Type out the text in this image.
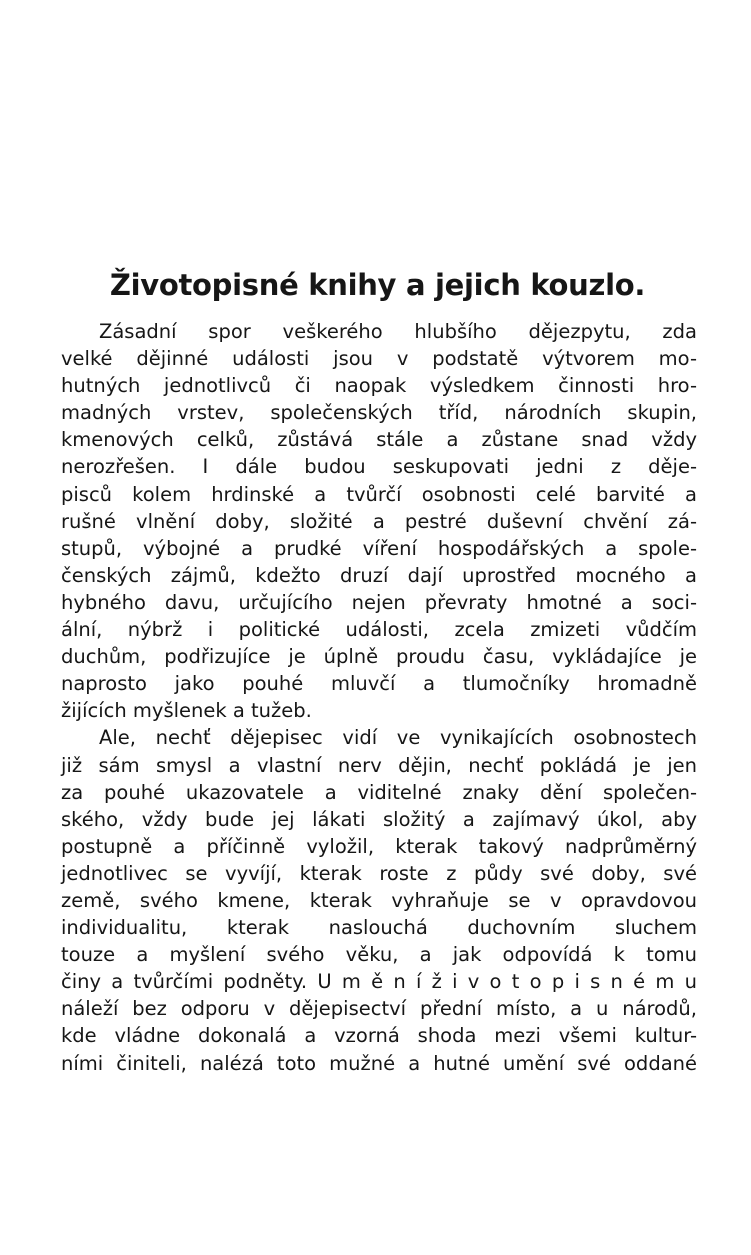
Životopisné knihy a jejich kouzlo.
Zásadní spor veškerého hlubšího dějezpytu, zda
velké dějinné události jsou v podstatě výtvorem mo-
hutných jednotlivců či naopak výsledkem činnosti hro-
madných vrstev, společenských tříd, národních skupin,
kmenových celků, zůstává stále a zůstane snad vždy
nerozřešen. I dále budou seskupovati jedni z děje-
pisců kolem hrdinské a tvůrčí osobnosti celé barvité a
rušné vlnění doby, složité a pestré duševní chvění zá-
stupů, výbojné a prudké víření hospodářských a spole-
čenských zájmů, kdežto druzí dají uprostřed mocného a
hybného davu, určujícího nejen převraty hmotné a soci-
ální, nýbrž i politické události, zcela zmizeti vůdčím
duchům, podřizujíce je úplně proudu času, vykládajíce je
naprosto jako pouhé mluvčí a tlumočníky hromadně
žijících myšlenek a tužeb.
Ale, nechť dějepisec vidí ve vynikajících osobnostech
již sám smysl a vlastní nerv dějin, nechť pokládá je jen
za pouhé ukazovatele a viditelné znaky dění společen-
ského, vždy bude jej lákati složitý a zajímavý úkol, aby
postupně a příčinně vyložil, kterak takový nadprůměrný
jednotlivec se vyvíjí, kterak roste z půdy své doby, své
země, svého kmene, kterak vyhraňuje se v opravdovou
individualitu, kterak naslouchá duchovním sluchem
touze a myšlení svého věku, a jak odpovídá k tomu
činy a tvůrčími podněty. U m ě n í ž i v o t o p i s n é m u
náleží bez odporu v dějepisectví přední místo, a u národů,
kde vládne dokonalá a vzorná shoda mezi všemi kultur-
ními činiteli, nalézá toto mužné a hutné umění své oddané
